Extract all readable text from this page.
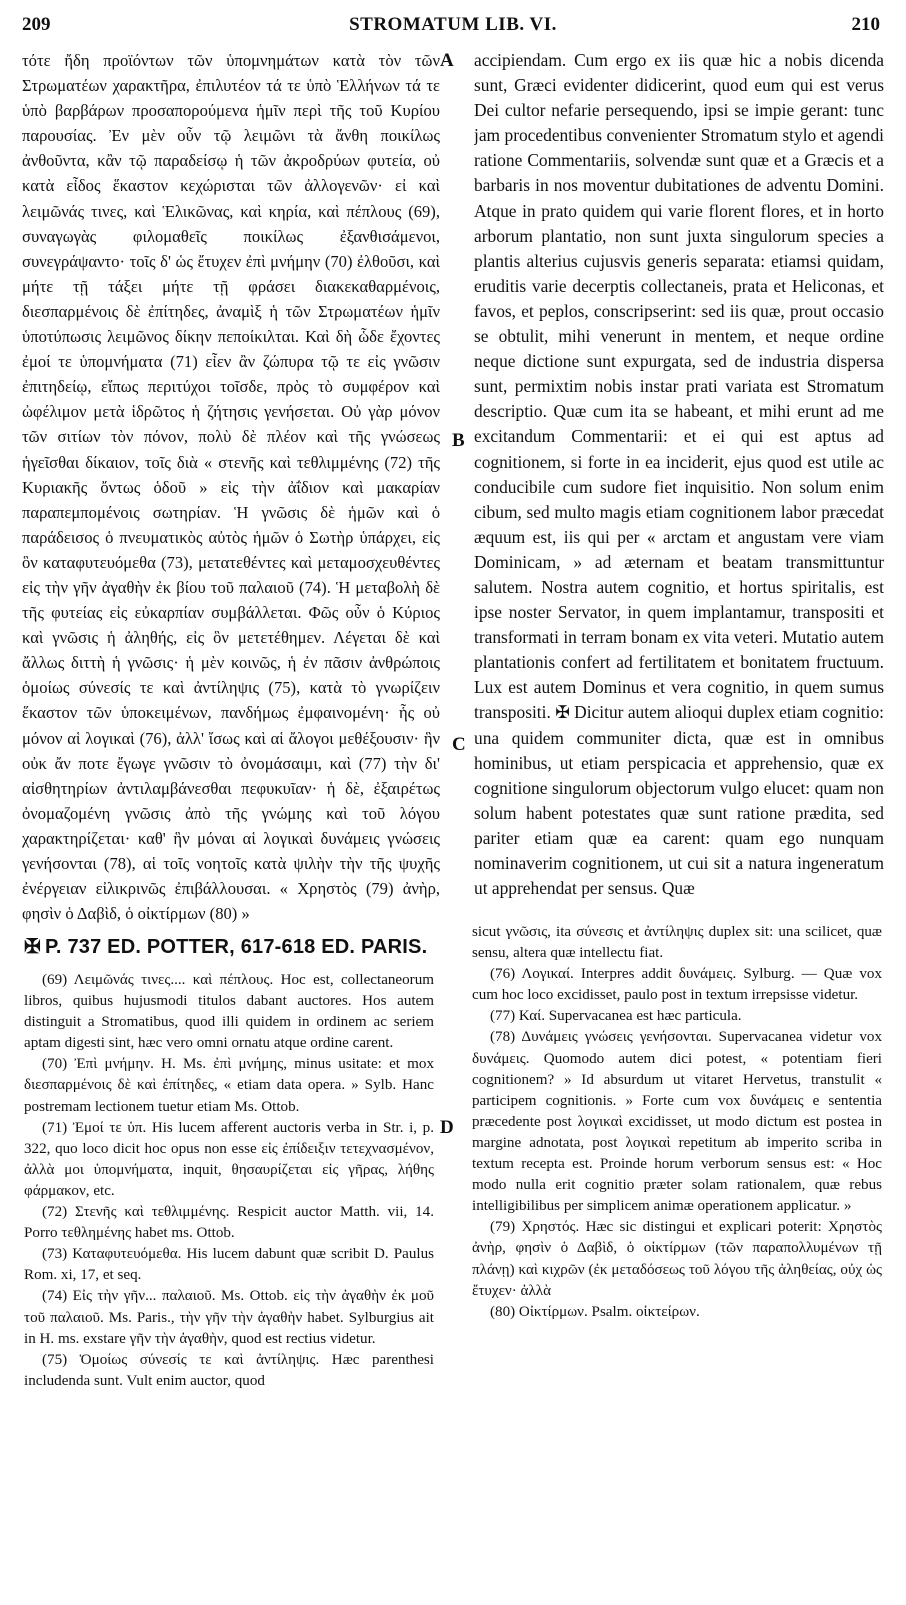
209	STROMATUM LIB. VI.	210

τότε ἤδη προϊόντων τῶν ὑπομνημάτων κατὰ τὸν τῶν Στρωματέων χαρακτῆρα, ἐπιλυτέον τά τε ὑπὸ Ἑλλήνων τά τε ὑπὸ βαρβάρων προσαπορούμενα ἡμῖν περὶ τῆς τοῦ Κυρίου παρουσίας. Ἐν μὲν οὖν τῷ λειμῶνι τὰ ἄνθη ποικίλως ἀνθοῦντα, κἂν τῷ παραδείσῳ ἡ τῶν ἀκροδρύων φυτεία, οὐ κατὰ εἶδος ἕκαστον κεχώρισται τῶν ἀλλογενῶν· εἰ καὶ λειμῶνάς τινες, καὶ Ἑλικῶνας, καὶ κηρία, καὶ πέπλους (69), συναγωγὰς φιλομαθεῖς ποικίλως ἐξανθισάμενοι, συνεγράψαντο· τοῖς δ' ὡς ἔτυχεν ἐπὶ μνήμην (70) ἐλθοῦσι, καὶ μήτε τῇ τάξει μήτε τῇ φράσει διακεκαθαρμένοις, διεσπαρμένοις δὲ ἐπίτηδες, ἀναμὶξ ἡ τῶν Στρωματέων ἡμῖν ὑποτύπωσις λειμῶνος δίκην πεποίκιλται. Καὶ δὴ ὧδε ἔχοντες ἐμοί τε ὑπομνήματα (71) εἶεν ἂν ζώπυρα τῷ τε εἰς γνῶσιν ἐπιτηδείῳ, εἴπως περιτύχοι τοῖσδε, πρὸς τὸ συμφέρον καὶ ὠφέλιμον μετὰ ἱδρῶτος ἡ ζήτησις γενήσεται. Οὐ γὰρ μόνον τῶν σιτίων τὸν πόνον, πολὺ δὲ πλέον καὶ τῆς γνώσεως ἡγεῖσθαι δίκαιον, τοῖς διὰ « στενῆς καὶ τεθλιμμένης (72) τῆς Κυριακῆς ὄντως ὁδοῦ » εἰς τὴν ἀΐδιον καὶ μακαρίαν παραπεμπομένοις σωτηρίαν. Ἡ γνῶσις δὲ ἡμῶν καὶ ὁ παράδεισος ὁ πνευματικὸς αὐτὸς ἡμῶν ὁ Σωτὴρ ὑπάρχει, εἰς ὃν καταφυτευόμεθα (73), μετατεθέντες καὶ μεταμοσχευθέντες εἰς τὴν γῆν ἀγαθὴν ἐκ βίου τοῦ παλαιοῦ (74). Ἡ μεταβολὴ δὲ τῆς φυτείας εἰς εὐκαρπίαν συμβάλλεται. Φῶς οὖν ὁ Κύριος καὶ γνῶσις ἡ ἀληθής, εἰς ὃν μετετέθημεν. Λέγεται δὲ καὶ ἄλλως διττὴ ἡ γνῶσις· ἡ μὲν κοινῶς, ἡ ἐν πᾶσιν ἀνθρώποις ὁμοίως σύνεσίς τε καὶ ἀντίληψις (75), κατὰ τὸ γνωρίζειν ἕκαστον τῶν ὑποκειμένων, πανδήμως ἐμφαινομένη· ἧς οὐ μόνον αἱ λογικαὶ (76), ἀλλ' ἴσως καὶ αἱ ἄλογοι μεθέξουσιν· ἣν οὐκ ἄν ποτε ἔγωγε γνῶσιν τὸ ὀνομάσαιμι, καὶ (77) τὴν δι' αἰσθητηρίων ἀντιλαμβάνεσθαι πεφυκυῖαν· ἡ δὲ, ἐξαιρέτως ὀνομαζομένη γνῶσις ἀπὸ τῆς γνώμης καὶ τοῦ λόγου χαρακτηρίζεται· καθ' ἣν μόναι αἱ λογικαὶ δυνάμεις γνώσεις γενήσονται (78), αἱ τοῖς νοητοῖς κατὰ ψιλὴν τὴν τῆς ψυχῆς ἐνέργειαν εἰλικρινῶς ἐπιβάλλουσαι. « Χρηστὸς (79) ἀνὴρ, φησὶν ὁ Δαβὶδ, ὁ οἰκτίρμων (80) »

A
B
C
D

accipiendam. Cum ergo ex iis quæ hic a nobis dicenda sunt, Græci evidenter didicerint, quod eum qui est verus Dei cultor nefarie persequendo, ipsi se impie gerant: tunc jam procedentibus convenienter Stromatum stylo et agendi ratione Commentariis, solvendæ sunt quæ et a Græcis et a barbaris in nos moventur dubitationes de adventu Domini. Atque in prato quidem qui varie florent flores, et in horto arborum plantatio, non sunt juxta singulorum species a plantis alterius cujusvis generis separata: etiamsi quidam, eruditis varie decerptis collectaneis, prata et Heliconas, et favos, et peplos, conscripserint: sed iis quæ, prout occasio se obtulit, mihi venerunt in mentem, et neque ordine neque dictione sunt expurgata, sed de industria dispersa sunt, permixtim nobis instar prati variata est Stromatum descriptio. Quæ cum ita se habeant, et mihi erunt ad me excitandum Commentarii: et ei qui est aptus ad cognitionem, si forte in ea inciderit, ejus quod est utile ac conducibile cum sudore fiet inquisitio. Non solum enim cibum, sed multo magis etiam cognitionem labor præcedat æquum est, iis qui per « arctam et angustam vere viam Dominicam, » ad æternam et beatam transmittuntur salutem. Nostra autem cognitio, et hortus spiritalis, est ipse noster Servator, in quem implantamur, transpositi et transformati in terram bonam ex vita veteri. Mutatio autem plantationis confert ad fertilitatem et bonitatem fructuum. Lux est autem Dominus et vera cognitio, in quem sumus transpositi. ✠ Dicitur autem alioqui duplex etiam cognitio: una quidem communiter dicta, quæ est in omnibus hominibus, ut etiam perspicacia et apprehensio, quæ ex cognitione singulorum objectorum vulgo elucet: quam non solum habent potestates quæ sunt ratione prædita, sed pariter etiam quæ ea carent: quam ego nunquam nominaverim cognitionem, ut cui sit a natura ingeneratum ut apprehendat per sensus. Quæ

✠ P. 737 ED. POTTER, 617-618 ED. PARIS.

(69) Λειμῶνάς τινες.... καὶ πέπλους. Hoc est, collectaneorum libros, quibus hujusmodi titulos dabant auctores. Hos autem distinguit a Stromatibus, quod illi quidem in ordinem ac seriem aptam digesti sint, hæc vero omni ornatu atque ordine carent.

(70) Ἐπὶ μνήμην. H. Ms. ἐπὶ μνήμης, minus usitate: et mox διεσπαρμένοις δὲ καὶ ἐπίτηδες, « etiam data opera. » Sylb. Hanc postremam lectionem tuetur etiam Ms. Ottob.

(71) Ἐμοί τε ὑπ. His lucem afferent auctoris verba in Str. i, p. 322, quo loco dicit hoc opus non esse εἰς ἐπίδειξιν τετεχνασμένον, ἀλλὰ μοι ὑπομνήματα, inquit, θησαυρίζεται εἰς γῆρας, λήθης φάρμακον, etc.

(72) Στενῆς καὶ τεθλιμμένης. Respicit auctor Matth. vii, 14. Porro τεθλημένης habet ms. Ottob.

(73) Καταφυτευόμεθα. His lucem dabunt quæ scribit D. Paulus Rom. xi, 17, et seq.

(74) Εἰς τὴν γῆν... παλαιοῦ. Ms. Ottob. εἰς τὴν ἀγαθὴν ἐκ μοῦ τοῦ παλαιοῦ. Ms. Paris., τὴν γῆν τὴν ἀγαθὴν habet. Sylburgius ait in H. ms. exstare γῆν τὴν ἀγαθὴν, quod est rectius videtur.

(75) Ὁμοίως σύνεσίς τε καὶ ἀντίληψις. Hæc parenthesi includenda sunt. Vult enim auctor, quod

sicut γνῶσις, ita σύνεσις et ἀντίληψις duplex sit: una scilicet, quæ sensu, altera quæ intellectu fiat.

(76) Λογικαί. Interpres addit δυνάμεις. Sylburg. — Quæ vox cum hoc loco excidisset, paulo post in textum irrepsisse videtur.

(77) Καί. Supervacanea est hæc particula.

(78) Δυνάμεις γνώσεις γενήσονται. Supervacanea videtur vox δυνάμεις. Quomodo autem dici potest, « potentiam fieri cognitionem? » Id absurdum ut vitaret Hervetus, transtulit « participem cognitionis. » Forte cum vox δυνάμεις e sententia præcedente post λογικαὶ excidisset, ut modo dictum est postea in margine adnotata, post λογικαὶ repetitum ab imperito scriba in textum recepta est. Proinde horum verborum sensus est: « Hoc modo nulla erit cognitio præter solam rationalem, quæ rebus intelligibilibus per simplicem animæ operationem applicatur. »

(79) Χρηστός. Hæc sic distingui et explicari poterit: Χρηστὸς ἀνὴρ, φησὶν ὁ Δαβὶδ, ὁ οἰκτίρμων (τῶν παραπολλυμένων τῇ πλάνῃ) καὶ κιχρῶν (ἐκ μεταδόσεως τοῦ λόγου τῆς ἀληθείας, οὐχ ὡς ἔτυχεν· ἀλλὰ

(80) Οἰκτίρμων. Psalm. οἰκτείρων.
